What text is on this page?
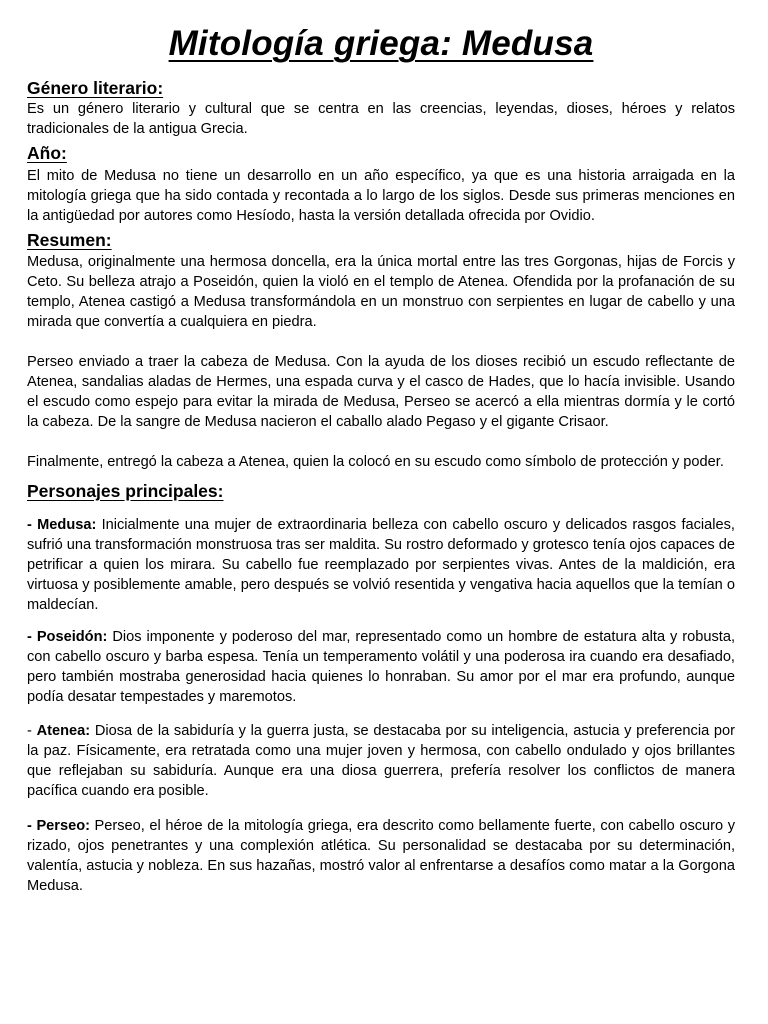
Mitología griega: Medusa
Género literario:

Es un género literario y cultural que se centra en las creencias, leyendas, dioses, héroes y relatos tradicionales de la antigua Grecia.

Año:

El mito de Medusa no tiene un desarrollo en un año específico, ya que es una historia arraigada en la mitología griega que ha sido contada y recontada a lo largo de los siglos. Desde sus primeras menciones en la antigüedad por autores como Hesíodo, hasta la versión detallada ofrecida por Ovidio.

Resumen:

Medusa, originalmente una hermosa doncella, era la única mortal entre las tres Gorgonas, hijas de Forcis y Ceto. Su belleza atrajo a Poseidón, quien la violó en el templo de Atenea. Ofendida por la profanación de su templo, Atenea castigó a Medusa transformándola en un monstruo con serpientes en lugar de cabello y una mirada que convertía a cualquiera en piedra.

Perseo enviado a traer la cabeza de Medusa. Con la ayuda de los dioses recibió un escudo reflectante de Atenea, sandalias aladas de Hermes, una espada curva y el casco de Hades, que lo hacía invisible. Usando el escudo como espejo para evitar la mirada de Medusa, Perseo se acercó a ella mientras dormía y le cortó la cabeza. De la sangre de Medusa nacieron el caballo alado Pegaso y el gigante Crisaor.

Finalmente, entregó la cabeza a Atenea, quien la colocó en su escudo como símbolo de protección y poder.

Personajes principales:

- Medusa: Inicialmente una mujer de extraordinaria belleza con cabello oscuro y delicados rasgos faciales, sufrió una transformación monstruosa tras ser maldita. Su rostro deformado y grotesco tenía ojos capaces de petrificar a quien los mirara. Su cabello fue reemplazado por serpientes vivas. Antes de la maldición, era virtuosa y posiblemente amable, pero después se volvió resentida y vengativa hacia aquellos que la temían o maldecían.

- Poseidón: Dios imponente y poderoso del mar, representado como un hombre de estatura alta y robusta, con cabello oscuro y barba espesa. Tenía un temperamento volátil y una poderosa ira cuando era desafiado, pero también mostraba generosidad hacia quienes lo honraban. Su amor por el mar era profundo, aunque podía desatar tempestades y maremotos.

- Atenea: Diosa de la sabiduría y la guerra justa, se destacaba por su inteligencia, astucia y preferencia por la paz. Físicamente, era retratada como una mujer joven y hermosa, con cabello ondulado y ojos brillantes que reflejaban su sabiduría. Aunque era una diosa guerrera, prefería resolver los conflictos de manera pacífica cuando era posible.

- Perseo: Perseo, el héroe de la mitología griega, era descrito como bellamente fuerte, con cabello oscuro y rizado, ojos penetrantes y una complexión atlética. Su personalidad se destacaba por su determinación, valentía, astucia y nobleza. En sus hazañas, mostró valor al enfrentarse a desafíos como matar a la Gorgona Medusa.
